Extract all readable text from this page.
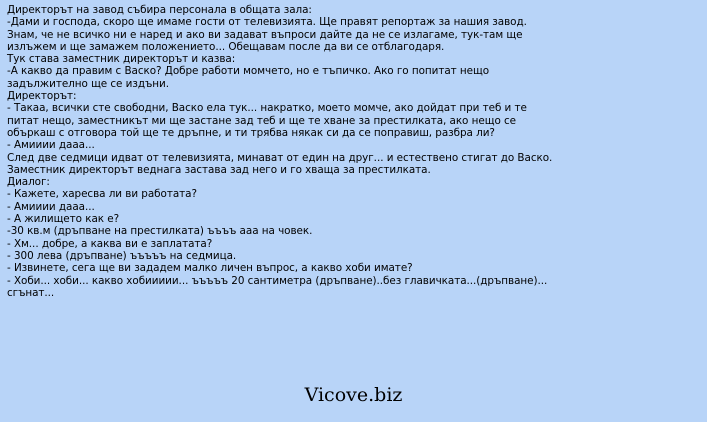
Директорът на завод събира персонала в общата зала:
-Дами и господа, скоро ще имаме гости от телевизията. Ще правят репортаж за нашия завод.
Знам, че не всичко ни е наред и ако ви задават въпроси дайте да не се излагаме, тук-там ще
излъжем и ще замажем положението... Обещавам после да ви се отблагодаря.
Тук става заместник директорът и казва:
-А какво да правим с Васко? Добре работи момчето, но е тъпичко. Ако го попитат нещо
задължително ще се издъни.
Директорът:
- Такаа, всички сте свободни, Васко ела тук... накратко, моето момче, ако дойдат при теб и те
питат нещо, заместникът ми ще застане зад теб и ще те хване за престилката, ако нещо се
объркаш с отговора той ще те дръпне, и ти трябва някак си да се поправиш, разбра ли?
- Амииии дааа...
След две седмици идват от телевизията, минават от един на друг... и естествено стигат до Васко.
Заместник директорът веднага застава зад него и го хваща за престилката.
Диалог:
- Кажете, харесва ли ви работата?
- Амииии дааа...
- А жилището как е?
-30 кв.м (дръпване на престилката) ъъъъ ааа на човек.
- Хм... добре, а каква ви е заплатата?
- 300 лева (дръпване) ъъъъъ на седмица.
- Извинете, сега ще ви зададем малко личен въпрос, а какво хоби имате?
- Хоби... хоби... какво хобиииии... ъъъъъ 20 сантиметра (дръпване)..без главичката...(дръпване)...
сгънат...
Vicove.biz
